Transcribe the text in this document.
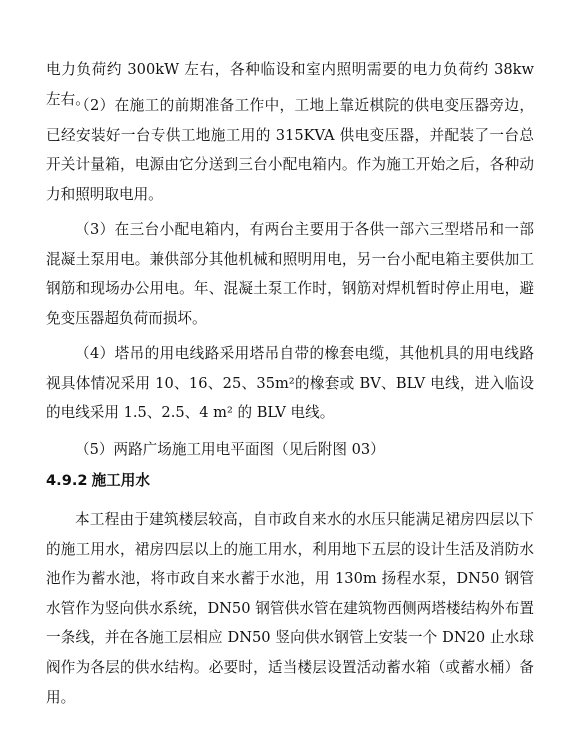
电力负荷约 300kW 左右，各种临设和室内照明需要的电力负荷约 38kw 左右。

（2）在施工的前期准备工作中，工地上靠近棋院的供电变压器旁边，已经安装好一台专供工地施工用的 315KVA 供电变压器，并配装了一台总开关计量箱，电源由它分送到三台小配电箱内。作为施工开始之后，各种动力和照明取电用。

（3）在三台小配电箱内，有两台主要用于各供一部六三型塔吊和一部混凝土泵用电。兼供部分其他机械和照明用电，另一台小配电箱主要供加工钢筋和现场办公用电。年、混凝土泵工作时，钢筋对焊机暂时停止用电，避免变压器超负荷而损坏。

（4）塔吊的用电线路采用塔吊自带的橡套电缆，其他机具的用电线路视具体情况采用 10、16、25、35m²的橡套或 BV、BLV 电线，进入临设的电线采用 1.5、2.5、4 m² 的 BLV 电线。

（5）两路广场施工用电平面图（见后附图 03）

4.9.2 施工用水

本工程由于建筑楼层较高，自市政自来水的水压只能满足裙房四层以下的施工用水，裙房四层以上的施工用水，利用地下五层的设计生活及消防水池作为蓄水池，将市政自来水蓄于水池，用 130m 扬程水泵，DN50 钢管水管作为竖向供水系统，DN50 钢管供水管在建筑物西侧两塔楼结构外布置一条线，并在各施工层相应 DN50 竖向供水钢管上安装一个 DN20 止水球阀作为各层的供水结构。必要时，适当楼层设置活动蓄水箱（或蓄水桶）备用。
